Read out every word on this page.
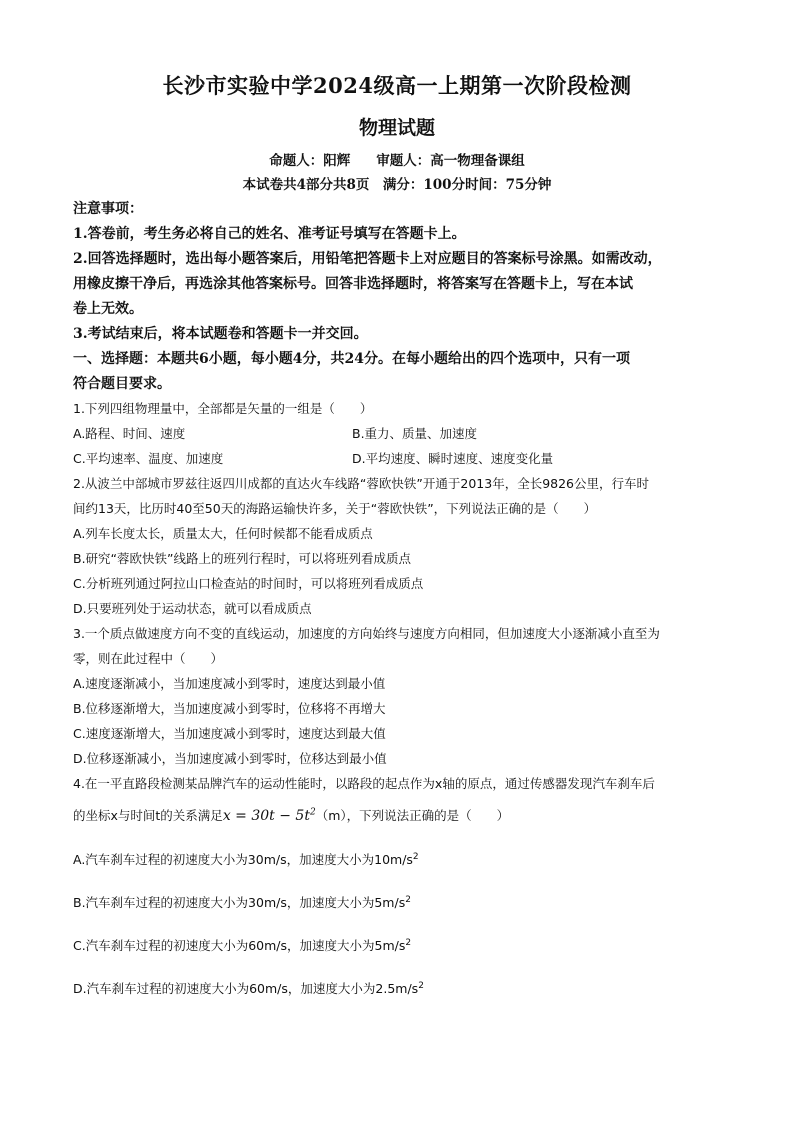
长沙市实验中学2024级高一上期第一次阶段检测
物理试题
命题人：阳辉 审题人：高一物理备课组
本试卷共4部分共8页　满分：100分时间：75分钟
注意事项：
1.答卷前，考生务必将自己的姓名、准考证号填写在答题卡上。
2.回答选择题时，选出每小题答案后，用铅笔把答题卡上对应题目的答案标号涂黑。如需改动，
用橡皮擦干净后，再选涂其他答案标号。回答非选择题时，将答案写在答题卡上，写在本试
卷上无效。
3.考试结束后，将本试题卷和答题卡一并交回。
一、选择题：本题共6小题，每小题4分，共24分。在每小题给出的四个选项中，只有一项
符合题目要求。
1.下列四组物理量中，全部都是矢量的一组是（　　）
A.路程、时间、速度	B.重力、质量、加速度
C.平均速率、温度、加速度	D.平均速度、瞬时速度、速度变化量
2.从波兰中部城市罗兹往返四川成都的直达火车线路“蓉欧快铁”开通于2013年，全长9826公里，行车时
间约13天，比历时40至50天的海路运输快许多，关于“蓉欧快铁”，下列说法正确的是（　　）
A.列车长度太长，质量太大，任何时候都不能看成质点
B.研究“蓉欧快铁”线路上的班列行程时，可以将班列看成质点
C.分析班列通过阿拉山口检查站的时间时，可以将班列看成质点
D.只要班列处于运动状态，就可以看成质点
3.一个质点做速度方向不变的直线运动，加速度的方向始终与速度方向相同，但加速度大小逐渐减小直至为
零，则在此过程中（　　）
A.速度逐渐减小，当加速度减小到零时，速度达到最小值
B.位移逐渐增大，当加速度减小到零时，位移将不再增大
C.速度逐渐增大，当加速度减小到零时，速度达到最大值
D.位移逐渐减小，当加速度减小到零时，位移达到最小值
4.在一平直路段检测某品牌汽车的运动性能时，以路段的起点作为x轴的原点，通过传感器发现汽车刹车后
的坐标x与时间t的关系满足$x = 30t - 5t^2(m)$，下列说法正确的是（　　）
A.汽车刹车过程的初速度大小为30m/s，加速度大小为$10m/s^2$
B.汽车刹车过程的初速度大小为30m/s，加速度大小为$5m/s^2$
C.汽车刹车过程的初速度大小为60m/s，加速度大小为$5m/s^2$
D.汽车刹车过程的初速度大小为60m/s，加速度大小为$2.5m/s^2$
